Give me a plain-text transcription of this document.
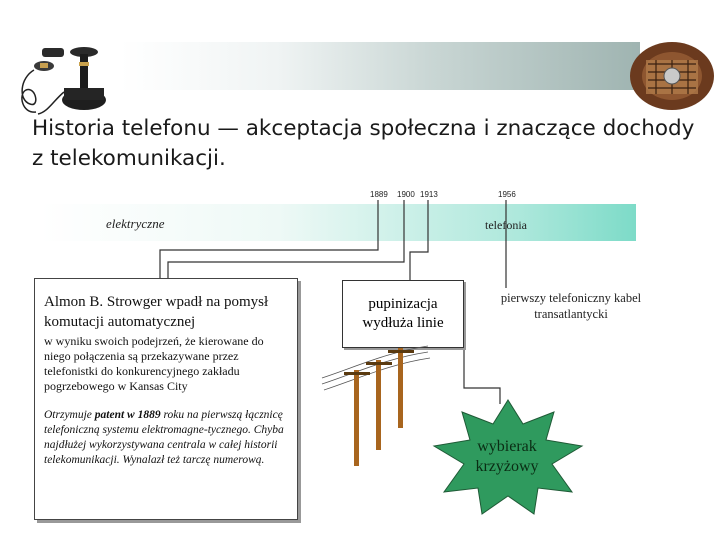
Historia telefonu — akceptacja społeczna i znaczące dochody z telekomunikacji.
elektryczne	telefonia
1889 1900 1913	1956
Almon B. Strowger wpadł na pomysł komutacji automatycznej
w wyniku swoich podejrzeń, że kierowane do niego połączenia są przekazywane przez telefonistki do konkurencyjnego zakładu pogrzebowego w Kansas City
Otrzymuje patent w 1889 roku na pierwszą łącznicę telefoniczną systemu elektromagne-tycznego. Chyba najdłużej wykorzystywana centrala w całej historii telekomunikacji. Wynalazł też tarczę numerową.
pupinizacja wydłuża linie
pierwszy telefoniczny kabel transatlantycki
wybierak krzyżowy
